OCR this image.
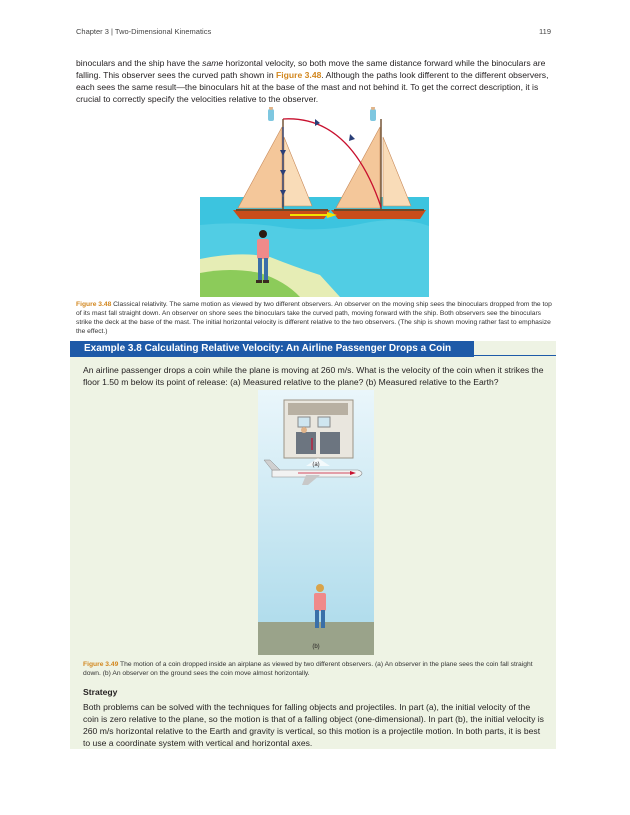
Chapter 3 | Two-Dimensional Kinematics	119

binoculars and the ship have the same horizontal velocity, so both move the same distance forward while the binoculars are falling. This observer sees the curved path shown in Figure 3.48. Although the paths look different to the different observers, each sees the same result—the binoculars hit at the base of the mast and not behind it. To get the correct description, it is crucial to correctly specify the velocities relative to the observer.

Figure 3.48 Classical relativity. The same motion as viewed by two different observers. An observer on the moving ship sees the binoculars dropped from the top of its mast fall straight down. An observer on shore sees the binoculars take the curved path, moving forward with the ship. Both observers see the binoculars strike the deck at the base of the mast. The initial horizontal velocity is different relative to the two observers. (The ship is shown moving rather fast to emphasize the effect.)

Example 3.8 Calculating Relative Velocity: An Airline Passenger Drops a Coin

An airline passenger drops a coin while the plane is moving at 260 m/s. What is the velocity of the coin when it strikes the floor 1.50 m below its point of release: (a) Measured relative to the plane? (b) Measured relative to the Earth?

(a)
(b)

Figure 3.49 The motion of a coin dropped inside an airplane as viewed by two different observers. (a) An observer in the plane sees the coin fall straight down. (b) An observer on the ground sees the coin move almost horizontally.

Strategy

Both problems can be solved with the techniques for falling objects and projectiles. In part (a), the initial velocity of the coin is zero relative to the plane, so the motion is that of a falling object (one-dimensional). In part (b), the initial velocity is 260 m/s horizontal relative to the Earth and gravity is vertical, so this motion is a projectile motion. In both parts, it is best to use a coordinate system with vertical and horizontal axes.
